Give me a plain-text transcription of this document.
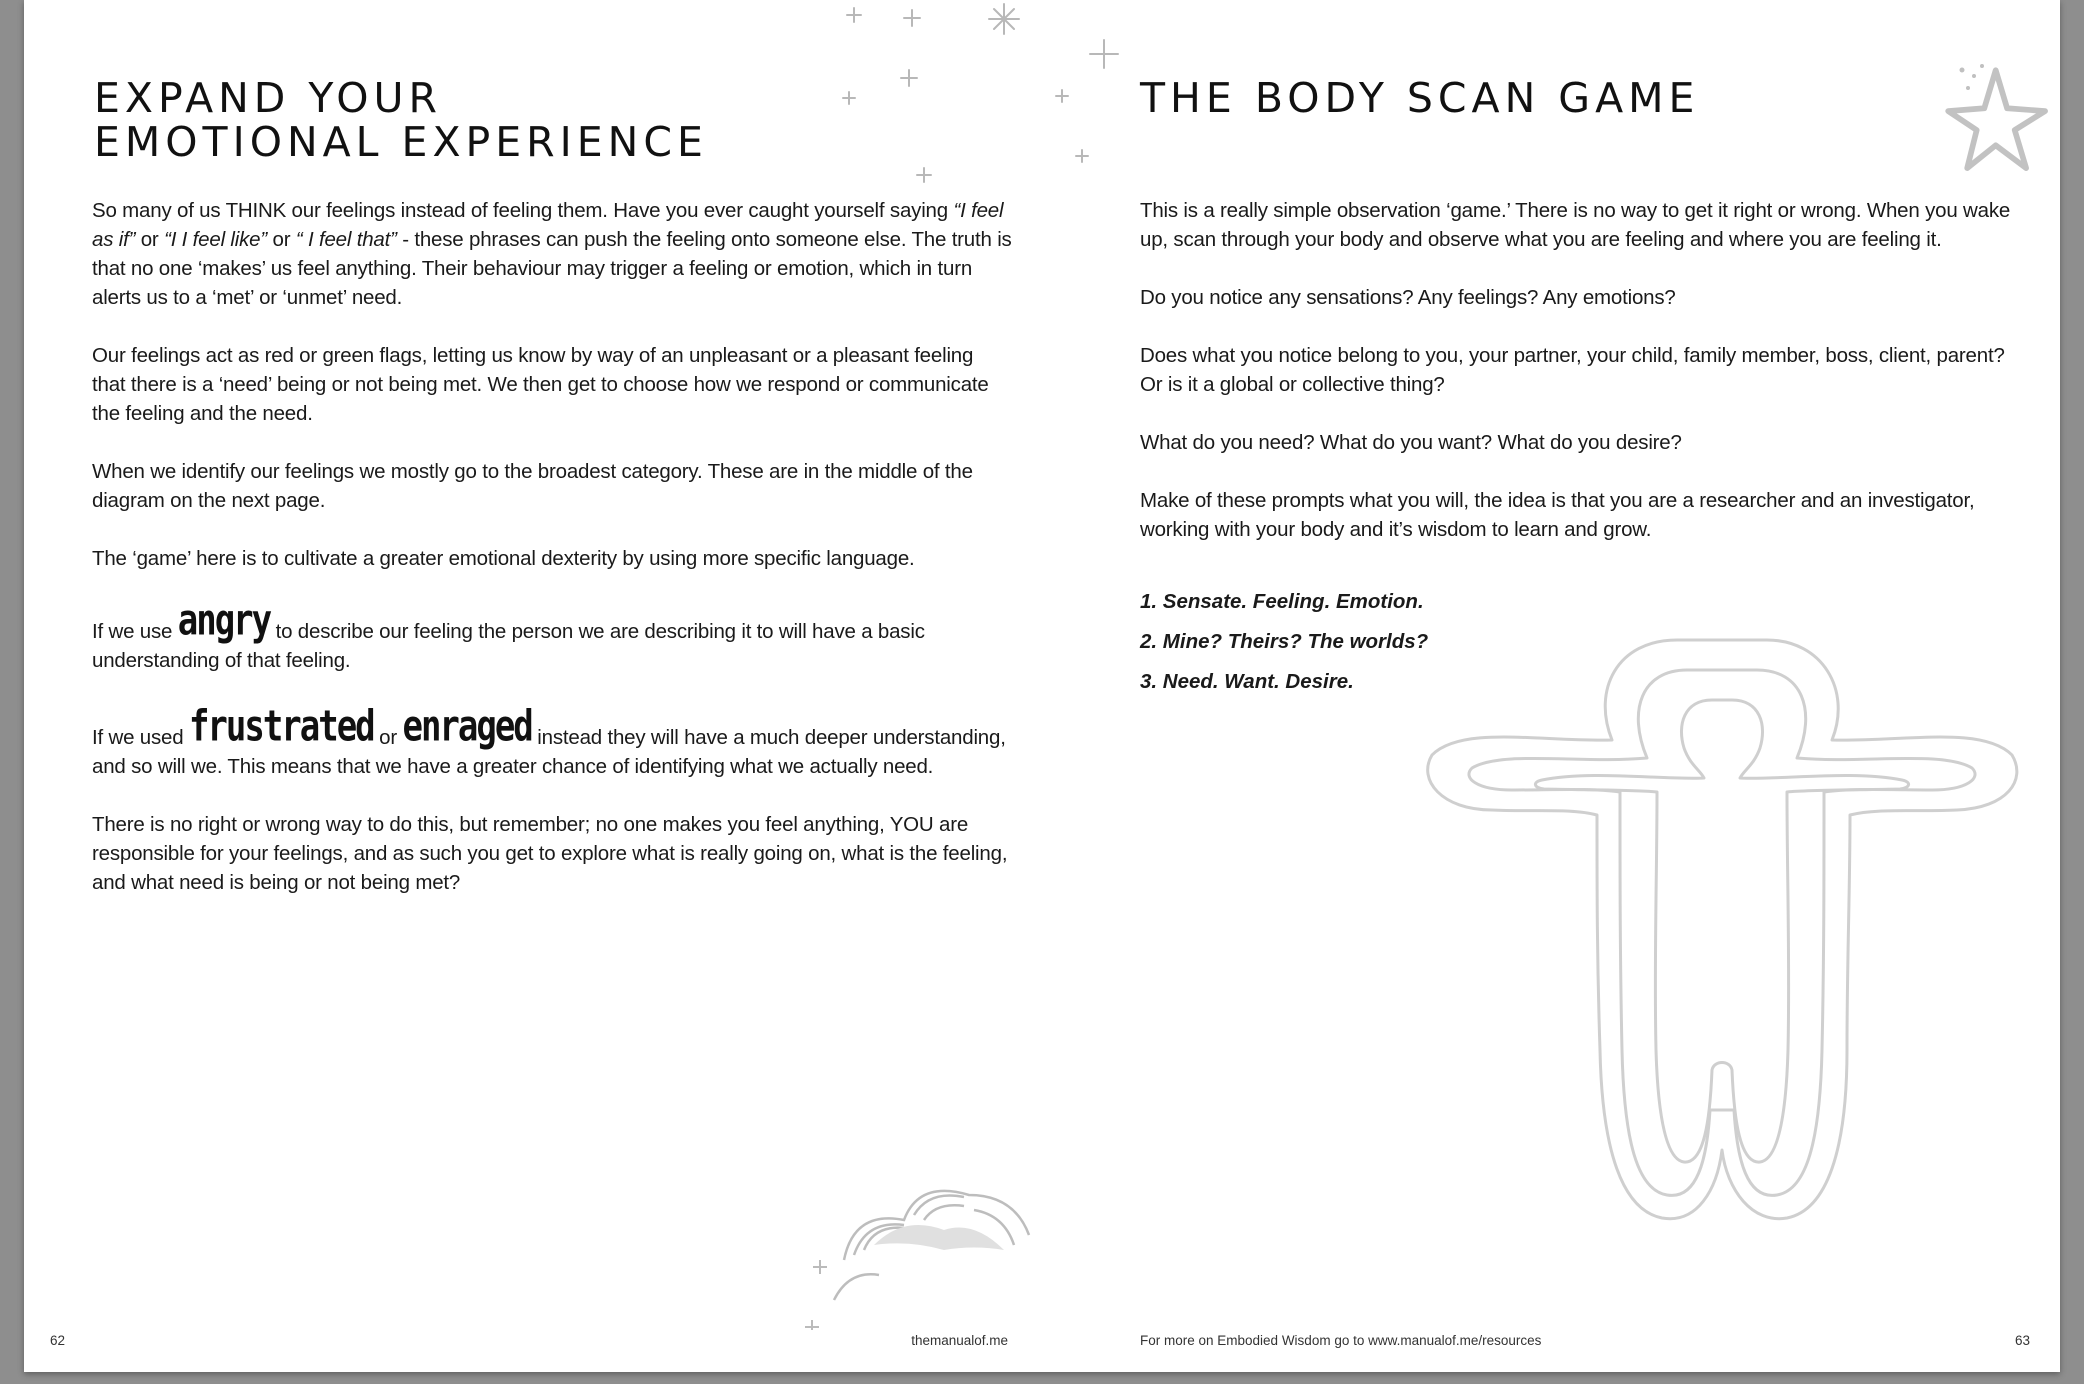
EXPAND YOUR
EMOTIONAL EXPERIENCE

So many of us THINK our feelings instead of feeling them. Have you ever caught yourself saying “I feel as if” or “I I feel like” or “ I feel that” - these phrases can push the feeling onto someone else. The truth is that no one ‘makes’ us feel anything. Their behaviour may trigger a feeling or emotion, which in turn alerts us to a ‘met’ or ‘unmet’ need.

Our feelings act as red or green flags, letting us know by way of an unpleasant or a pleasant feeling that there is a ‘need’ being or not being met. We then get to choose how we respond or communicate the feeling and the need.

When we identify our feelings we mostly go to the broadest category. These are in the middle of the diagram on the next page.

The ‘game’ here is to cultivate a greater emotional dexterity by using more specific language.

If we use angry to describe our feeling the person we are describing it to will have a basic understanding of that feeling.

If we used frustrated or enraged instead they will have a much deeper understanding, and so will we. This means that we have a greater chance of identifying what we actually need.

There is no right or wrong way to do this, but remember; no one makes you feel anything, YOU are responsible for your feelings, and as such you get to explore what is really going on, what is the feeling, and what need is being or not being met?

62	themanualof.me
THE BODY SCAN GAME

This is a really simple observation ‘game.’ There is no way to get it right or wrong. When you wake up, scan through your body and observe what you are feeling and where you are feeling it.

Do you notice any sensations? Any feelings? Any emotions?

Does what you notice belong to you, your partner, your child, family member, boss, client, parent? Or is it a global or collective thing?

What do you need? What do you want? What do you desire?

Make of these prompts what you will, the idea is that you are a researcher and an investigator, working with your body and it’s wisdom to learn and grow.

1. Sensate. Feeling. Emotion.
2. Mine? Theirs? The worlds?
3. Need. Want. Desire.
For more on Embodied Wisdom go to www.manualof.me/resources	63
